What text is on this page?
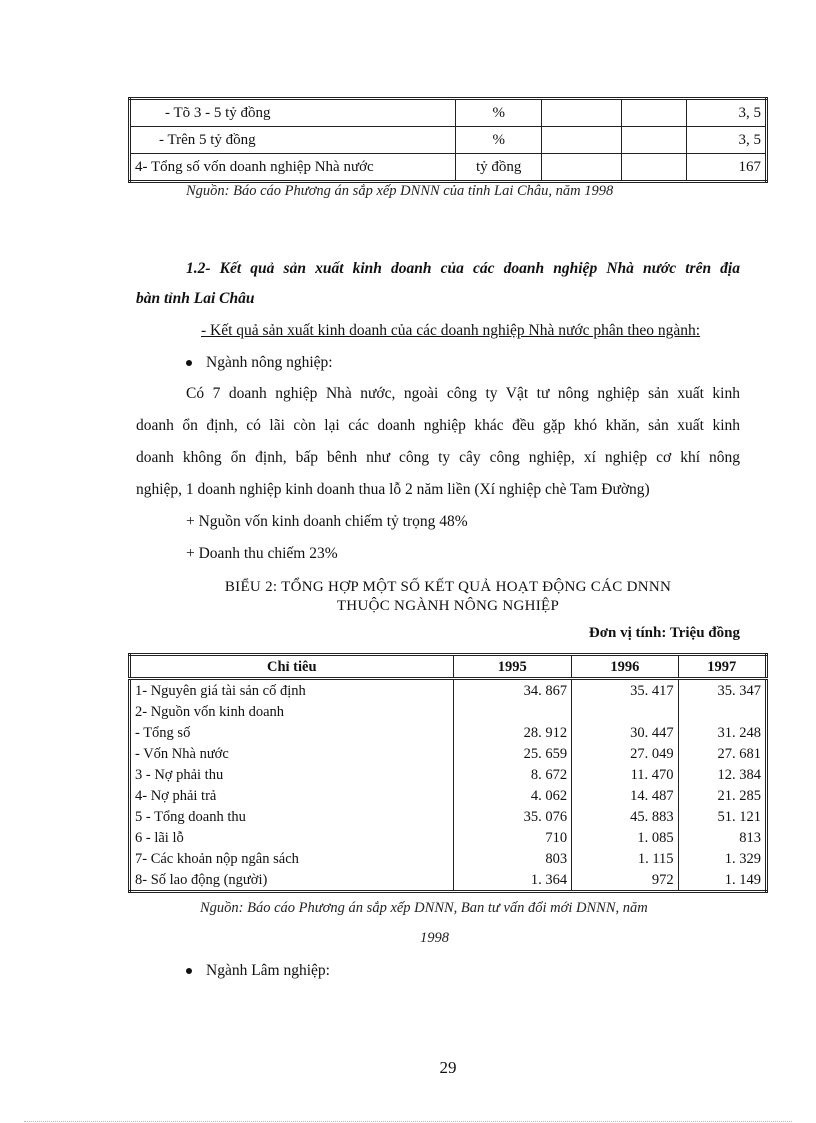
- Tõ 3 - 5 tỷ đồng	%			3, 5
- Trên 5 tỷ đồng	%			3, 5
4- Tổng số vốn doanh nghiệp Nhà nước	tỷ đồng			167
Nguồn: Báo cáo Phương án sắp xếp DNNN của tỉnh Lai Châu, năm 1998
1.2- Kết quả sản xuất kinh doanh của các doanh nghiệp Nhà nước trên địa
bàn tỉnh Lai Châu
- Kết quả sản xuất kinh doanh của các doanh nghiệp Nhà nước phân theo ngành:
Ngành nông nghiệp:
Có 7 doanh nghiệp Nhà nước, ngoài công ty Vật tư nông nghiệp sản xuất kinh
doanh ổn định, có lãi còn lại các doanh nghiệp khác đều gặp khó khăn, sản xuất kinh
doanh không ổn định, bấp bênh như công ty cây công nghiệp, xí nghiệp cơ khí nông
nghiệp, 1 doanh nghiệp kinh doanh thua lỗ 2 năm liền (Xí nghiệp chè Tam Đường)
+ Nguồn vốn kinh doanh chiếm tỷ trọng 48%
+ Doanh thu chiếm 23%
BIỂU 2: TỔNG HỢP MỘT SỐ KẾT QUẢ HOẠT ĐỘNG CÁC DNNN
THUỘC NGÀNH NÔNG NGHIỆP
Đơn vị tính: Triệu đồng
Chỉ tiêu	1995	1996	1997
1- Nguyên giá tài sản cố định	34. 867	35. 417	35. 347
2- Nguồn vốn kinh doanh			
- Tổng số	28. 912	30. 447	31. 248
- Vốn Nhà nước	25. 659	27. 049	27. 681
3 - Nợ phải thu	8. 672	11. 470	12. 384
4- Nợ phải trả	4. 062	14. 487	21. 285
5 - Tổng doanh thu	35. 076	45. 883	51. 121
6 - lãi lỗ	710	1. 085	813
7- Các khoản nộp ngân sách	803	1. 115	1. 329
8- Số lao động (người)	1. 364	972	1. 149
Nguồn: Báo cáo Phương án sắp xếp DNNN, Ban tư vấn đổi mới DNNN, năm
1998
Ngành Lâm nghiệp:
29
